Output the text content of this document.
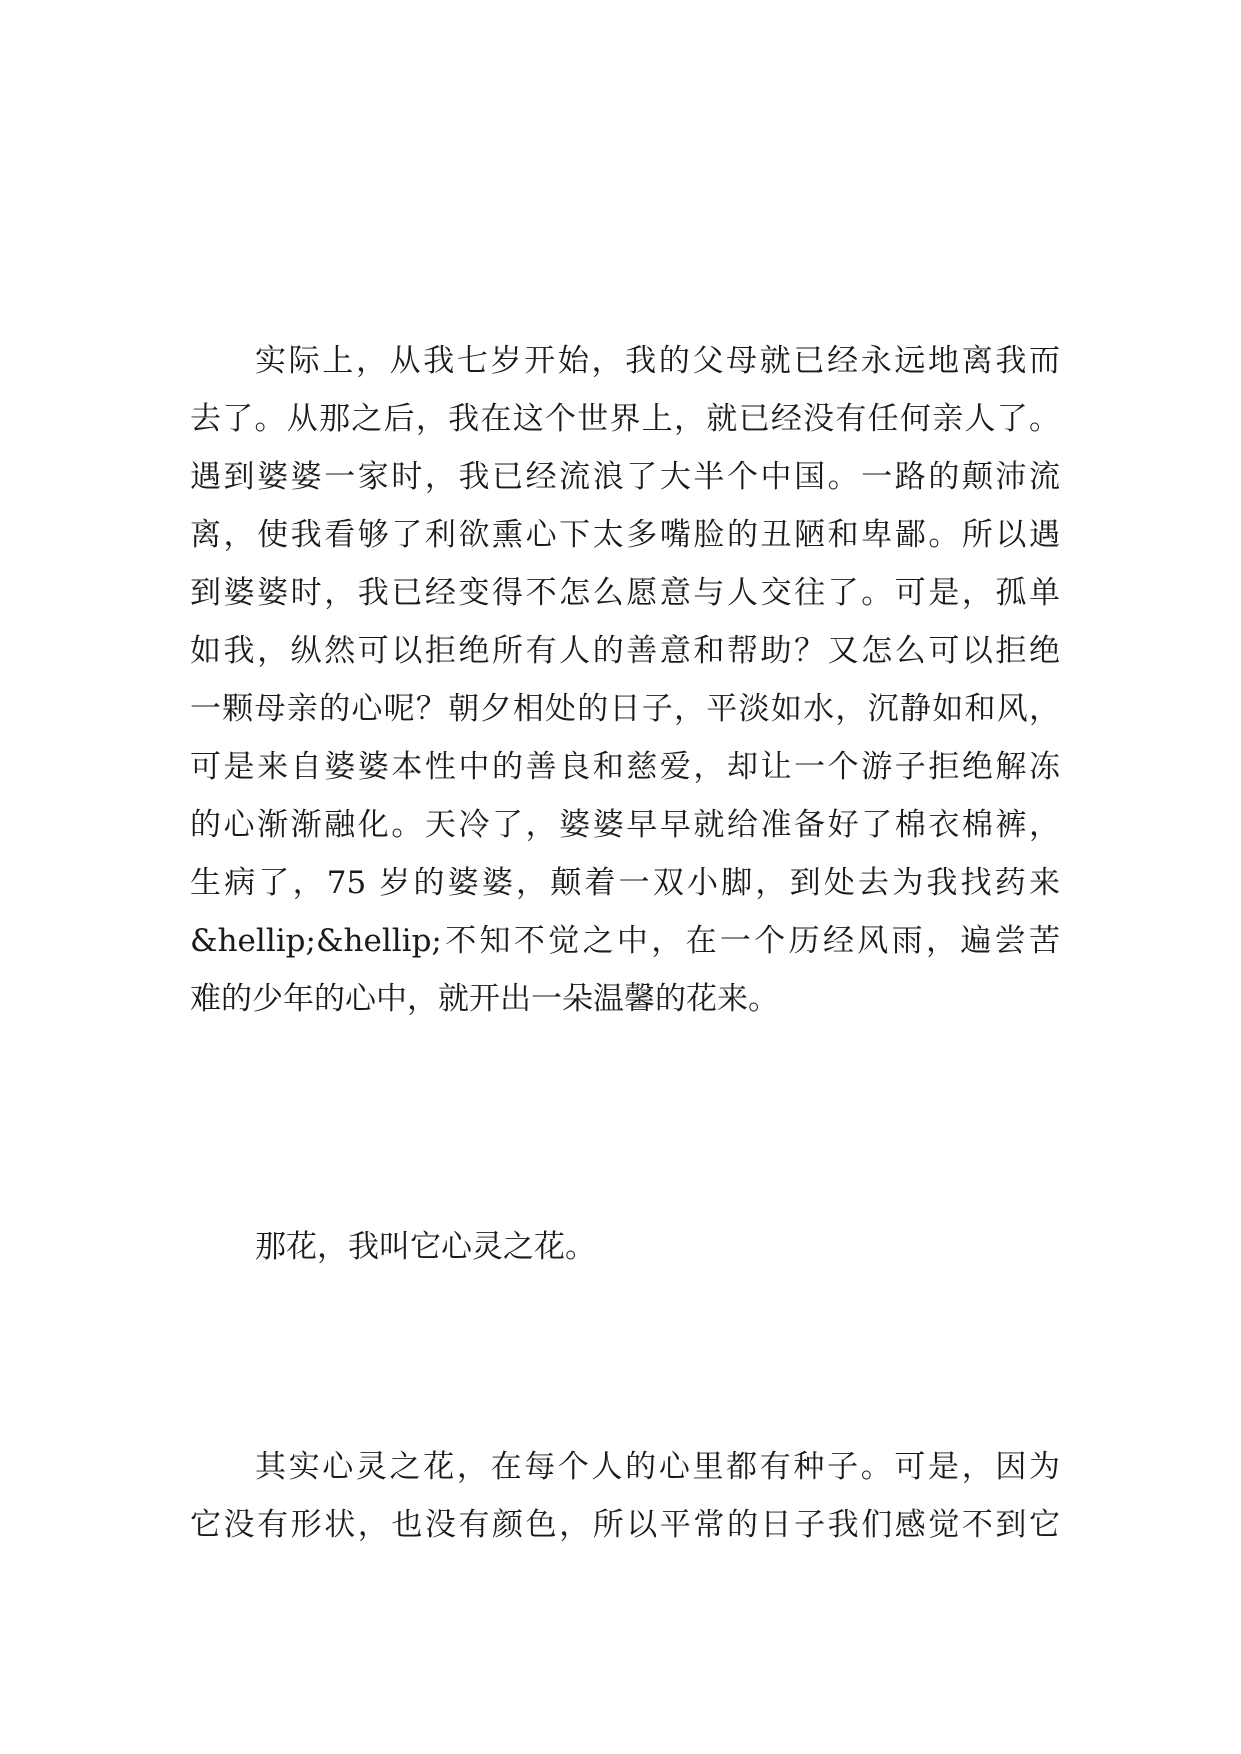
实际上，从我七岁开始，我的父母就已经永远地离我而
去了。从那之后，我在这个世界上，就已经没有任何亲人了。
遇到婆婆一家时，我已经流浪了大半个中国。一路的颠沛流
离，使我看够了利欲熏心下太多嘴脸的丑陋和卑鄙。所以遇
到婆婆时，我已经变得不怎么愿意与人交往了。可是，孤单
如我，纵然可以拒绝所有人的善意和帮助？又怎么可以拒绝
一颗母亲的心呢？朝夕相处的日子，平淡如水，沉静如和风，
可是来自婆婆本性中的善良和慈爱，却让一个游子拒绝解冻
的心渐渐融化。天冷了，婆婆早早就给准备好了棉衣棉裤，
生病了，75 岁的婆婆，颠着一双小脚，到处去为我找药来
&hellip;&hellip;不知不觉之中，在一个历经风雨，遍尝苦
难的少年的心中，就开出一朵温馨的花来。
那花，我叫它心灵之花。
其实心灵之花，在每个人的心里都有种子。可是，因为
它没有形状，也没有颜色，所以平常的日子我们感觉不到它
